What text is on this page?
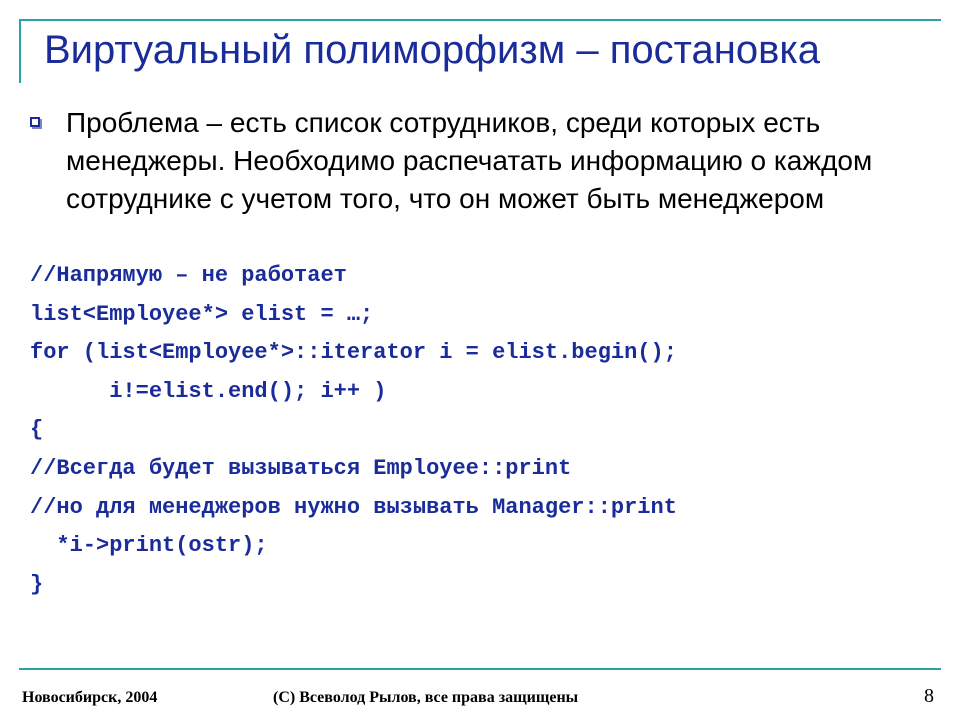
Виртуальный полиморфизм – постановка
Проблема – есть список сотрудников, среди которых есть менеджеры. Необходимо распечатать информацию о каждом сотруднике с учетом того, что он может быть менеджером
//Напрямую – не работает
list<Employee*> elist = …;
for (list<Employee*>::iterator i = elist.begin();
i!=elist.end(); i++ )
{
//Всегда будет вызываться Employee::print
//но для менеджеров нужно вызывать Manager::print
*i->print(ostr);
}
Новосибирск, 2004	(C) Всеволод Рылов, все права защищены	8
